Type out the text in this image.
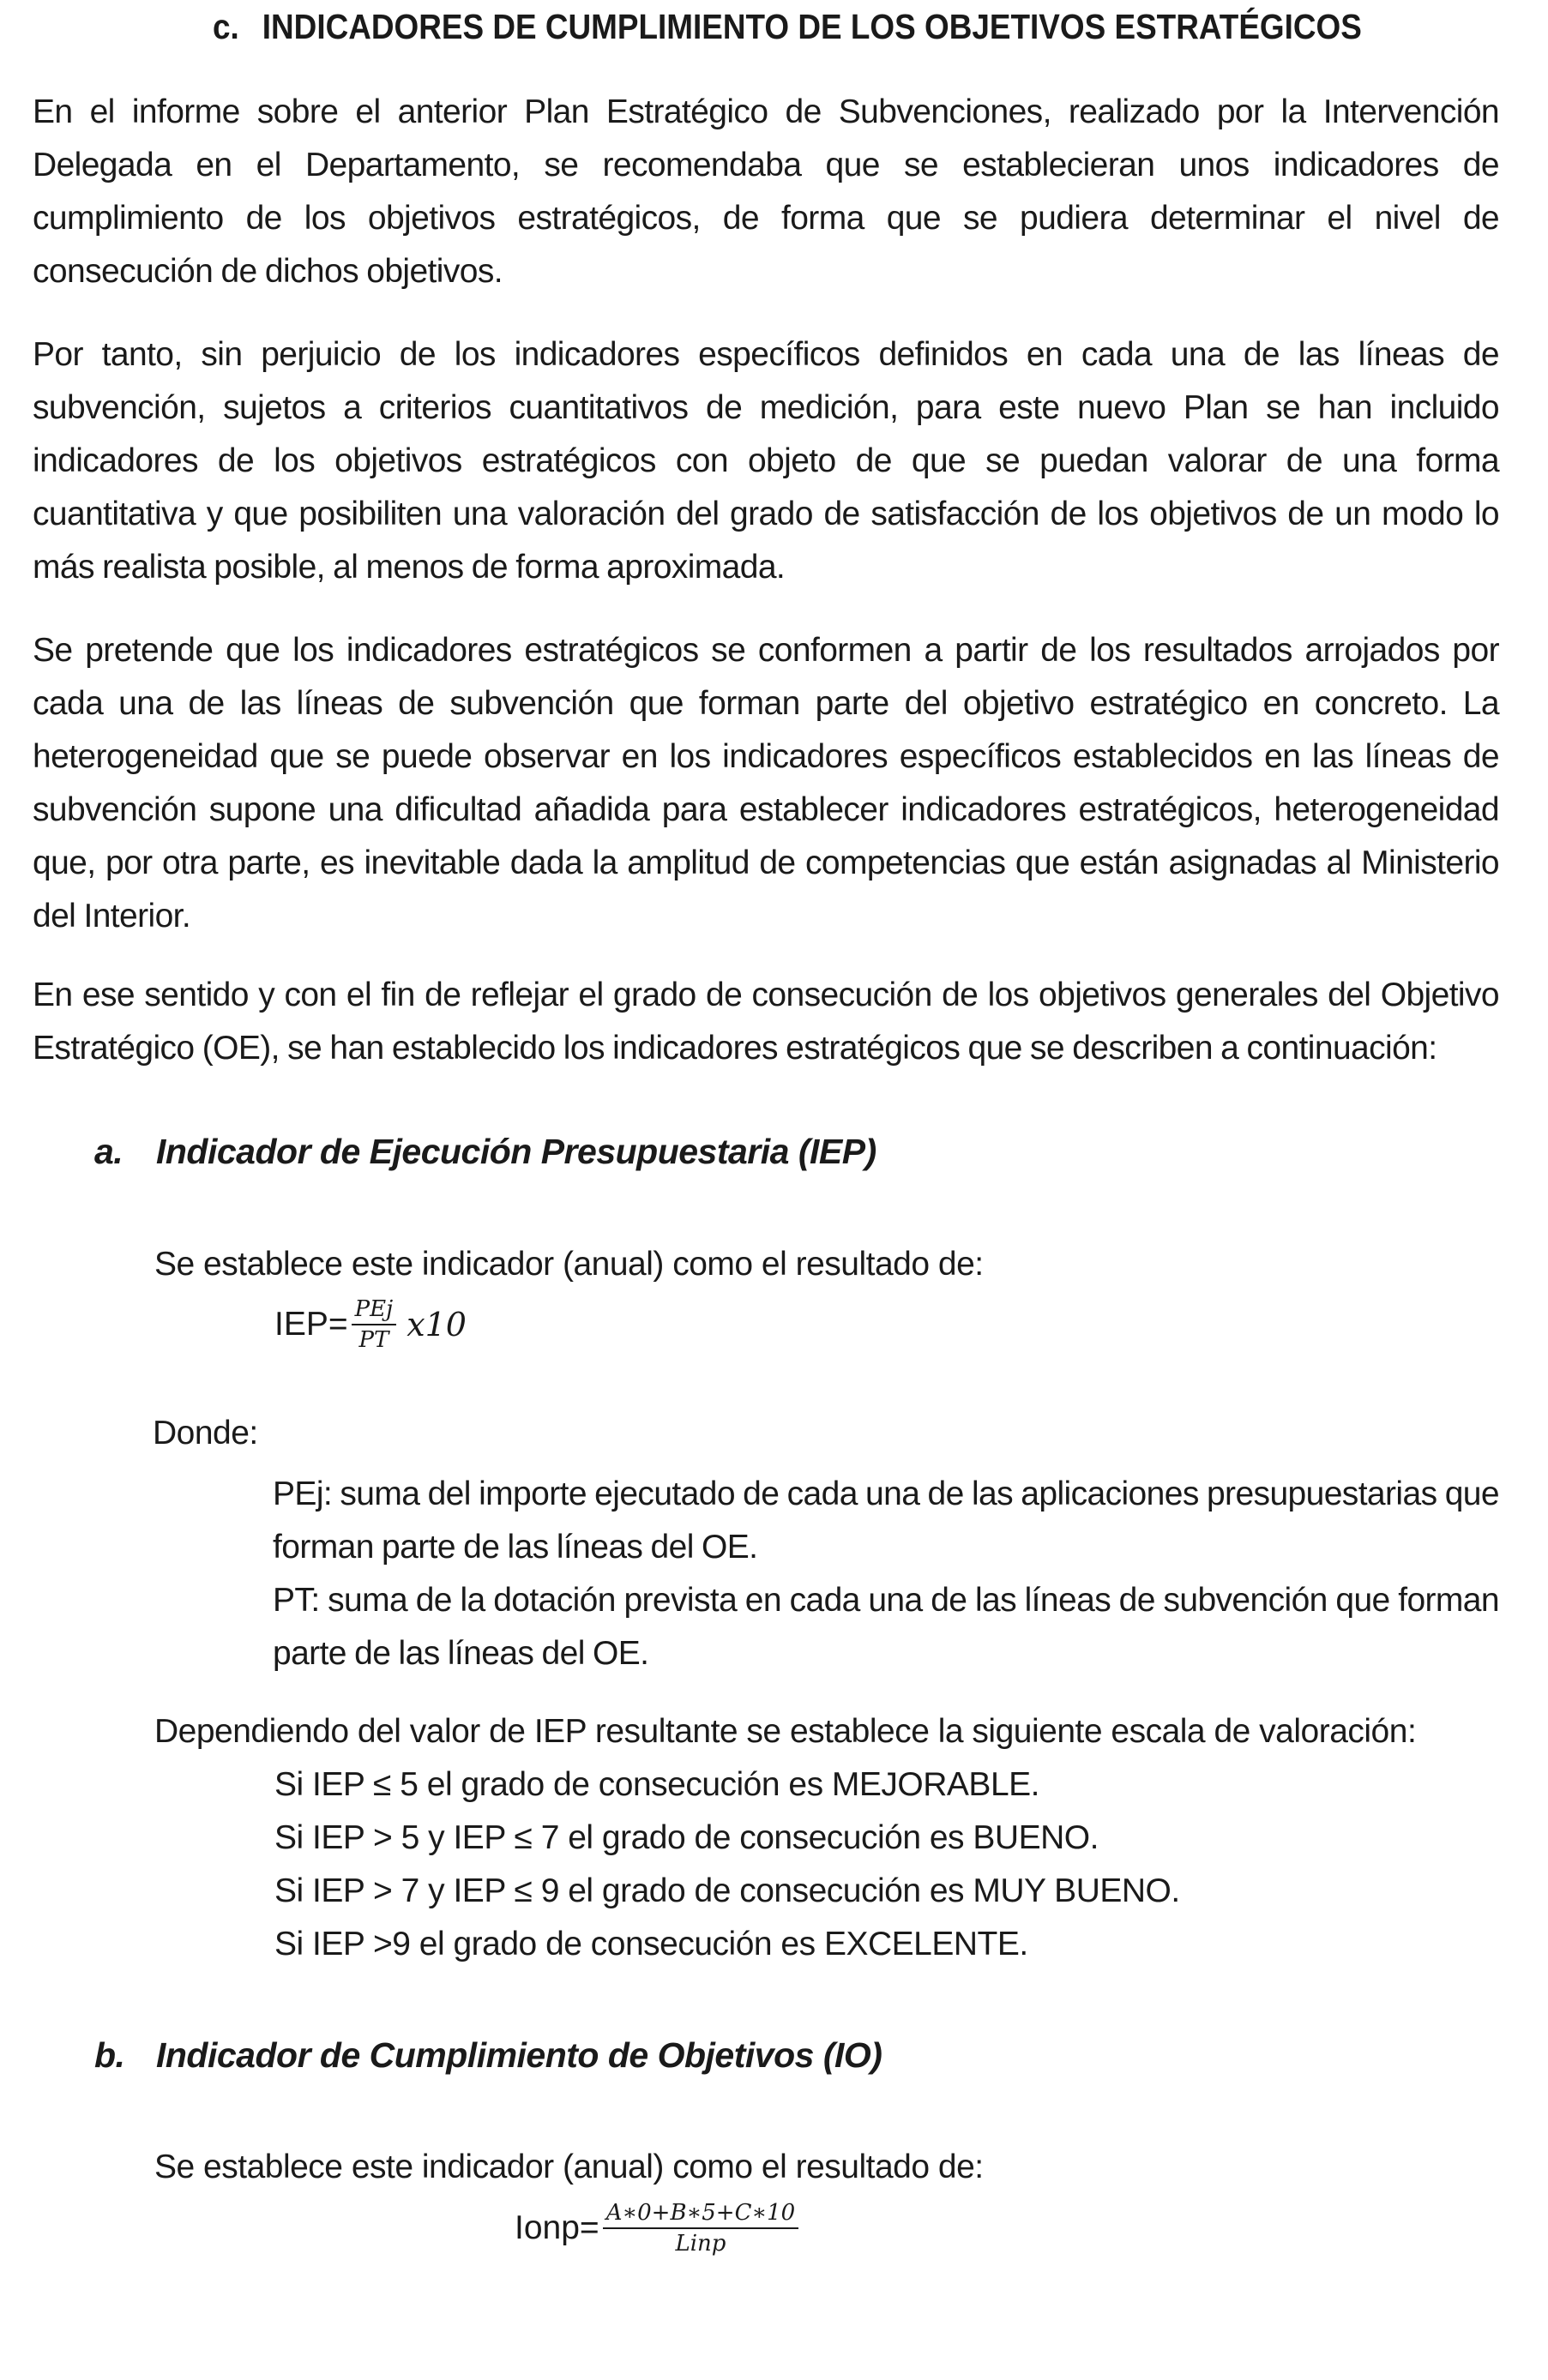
c. INDICADORES DE CUMPLIMIENTO DE LOS OBJETIVOS ESTRATÉGICOS
En el informe sobre el anterior Plan Estratégico de Subvenciones, realizado por la Intervención Delegada en el Departamento, se recomendaba que se establecieran unos indicadores de cumplimiento de los objetivos estratégicos, de forma que se pudiera determinar el nivel de consecución de dichos objetivos.
Por tanto, sin perjuicio de los indicadores específicos definidos en cada una de las líneas de subvención, sujetos a criterios cuantitativos de medición, para este nuevo Plan se han incluido indicadores de los objetivos estratégicos con objeto de que se puedan valorar de una forma cuantitativa y que posibiliten una valoración del grado de satisfacción de los objetivos de un modo lo más realista posible, al menos de forma aproximada.
Se pretende que los indicadores estratégicos se conformen a partir de los resultados arrojados por cada una de las líneas de subvención que forman parte del objetivo estratégico en concreto. La heterogeneidad que se puede observar en los indicadores específicos establecidos en las líneas de subvención supone una dificultad añadida para establecer indicadores estratégicos, heterogeneidad que, por otra parte, es inevitable dada la amplitud de competencias que están asignadas al Ministerio del Interior.
En ese sentido y con el fin de reflejar el grado de consecución de los objetivos generales del Objetivo Estratégico (OE), se han establecido los indicadores estratégicos que se describen a continuación:
a. Indicador de Ejecución Presupuestaria (IEP)
Se establece este indicador (anual) como el resultado de:
$IEP= \frac{\text{PEj}}{PT} x10$
Donde:
PEj: suma del importe ejecutado de cada una de las aplicaciones presupuestarias que forman parte de las líneas del OE.
PT: suma de la dotación prevista en cada una de las líneas de subvención que forman parte de las líneas del OE.
Dependiendo del valor de IEP resultante se establece la siguiente escala de valoración:
Si IEP ≤ 5 el grado de consecución es MEJORABLE.
Si IEP > 5 y IEP ≤ 7 el grado de consecución es BUENO.
Si IEP > 7 y IEP ≤ 9 el grado de consecución es MUY BUENO.
Si IEP >9 el grado de consecución es EXCELENTE.
b. Indicador de Cumplimiento de Objetivos (IO)
Se establece este indicador (anual) como el resultado de:
Ionp= $\frac{A∗0+B∗5+C∗10}{\text{Linp}}$
